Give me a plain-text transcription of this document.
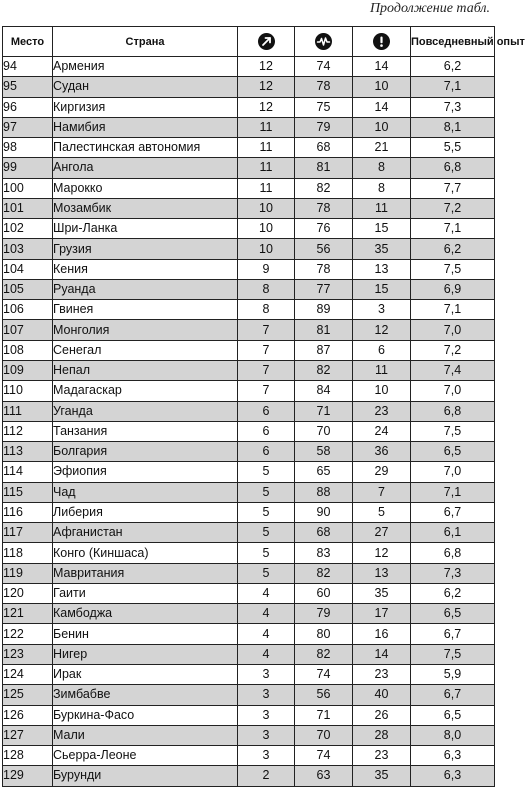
Продолжение табл.
Место	Страна				Повседневный опыт
94	Армения	12	74	14	6,2
95	Судан	12	78	10	7,1
96	Киргизия	12	75	14	7,3
97	Намибия	11	79	10	8,1
98	Палестинская автономия	11	68	21	5,5
99	Ангола	11	81	8	6,8
100	Марокко	11	82	8	7,7
101	Мозамбик	10	78	11	7,2
102	Шри-Ланка	10	76	15	7,1
103	Грузия	10	56	35	6,2
104	Кения	9	78	13	7,5
105	Руанда	8	77	15	6,9
106	Гвинея	8	89	3	7,1
107	Монголия	7	81	12	7,0
108	Сенегал	7	87	6	7,2
109	Непал	7	82	11	7,4
110	Мадагаскар	7	84	10	7,0
111	Уганда	6	71	23	6,8
112	Танзания	6	70	24	7,5
113	Болгария	6	58	36	6,5
114	Эфиопия	5	65	29	7,0
115	Чад	5	88	7	7,1
116	Либерия	5	90	5	6,7
117	Афганистан	5	68	27	6,1
118	Конго (Киншаса)	5	83	12	6,8
119	Мавритания	5	82	13	7,3
120	Гаити	4	60	35	6,2
121	Камбоджа	4	79	17	6,5
122	Бенин	4	80	16	6,7
123	Нигер	4	82	14	7,5
124	Ирак	3	74	23	5,9
125	Зимбабве	3	56	40	6,7
126	Буркина-Фасо	3	71	26	6,5
127	Мали	3	70	28	8,0
128	Сьерра-Леоне	3	74	23	6,3
129	Бурунди	2	63	35	6,3
